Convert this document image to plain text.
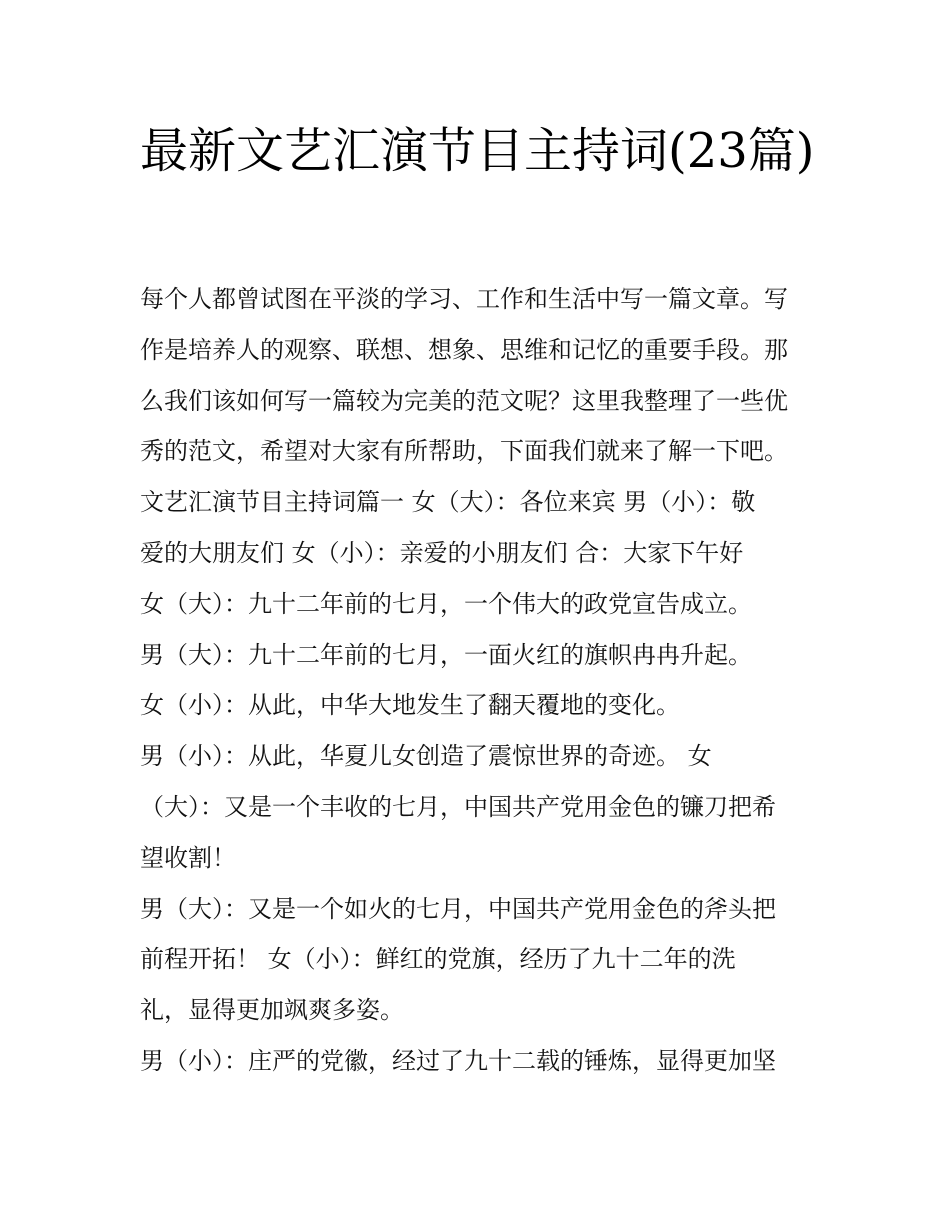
最新文艺汇演节目主持词(23篇)
每个人都曾试图在平淡的学习、工作和生活中写一篇文章。写
作是培养人的观察、联想、想象、思维和记忆的重要手段。那
么我们该如何写一篇较为完美的范文呢？这里我整理了一些优
秀的范文，希望对大家有所帮助，下面我们就来了解一下吧。
文艺汇演节目主持词篇一 女（大）：各位来宾 男（小）：敬
爱的大朋友们 女（小）：亲爱的小朋友们 合：大家下午好
女（大）：九十二年前的七月，一个伟大的政党宣告成立。
男（大）：九十二年前的七月，一面火红的旗帜冉冉升起。
女（小）：从此，中华大地发生了翻天覆地的变化。
男（小）：从此，华夏儿女创造了震惊世界的奇迹。 女
（大）：又是一个丰收的七月，中国共产党用金色的镰刀把希
望收割！
男（大）：又是一个如火的七月，中国共产党用金色的斧头把
前程开拓！ 女（小）：鲜红的党旗，经历了九十二年的洗
礼，显得更加飒爽多姿。
男（小）：庄严的党徽，经过了九十二载的锤炼，显得更加坚
